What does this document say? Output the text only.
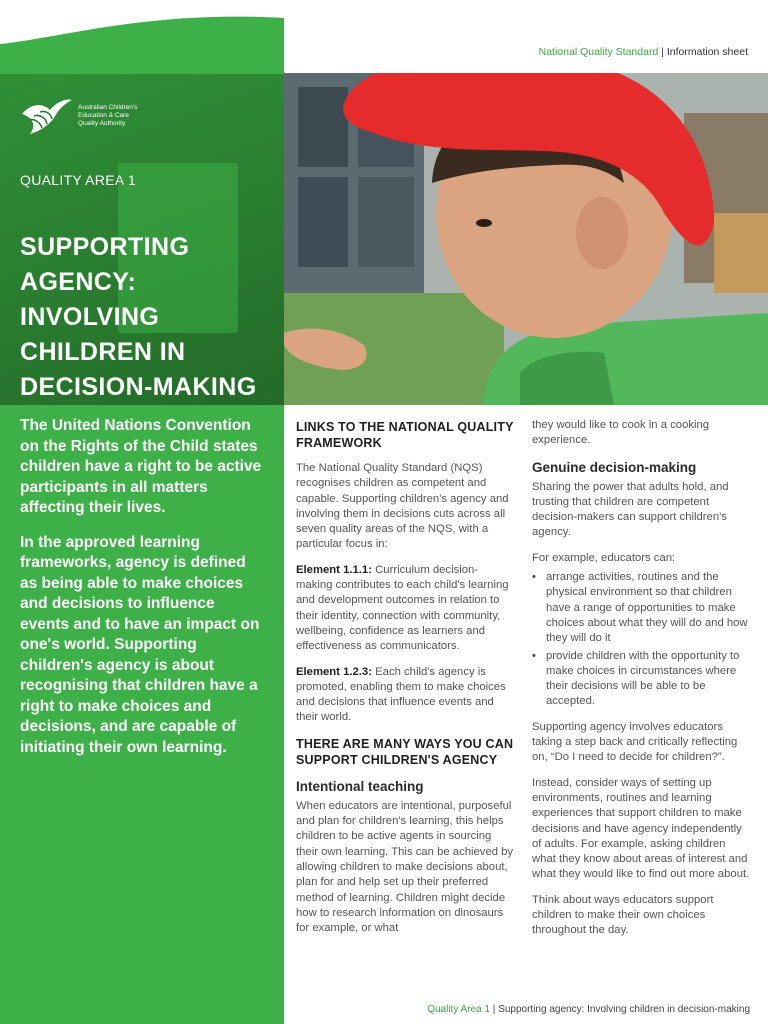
Australian Children's
Education & Care
Quality Authority
QUALITY AREA 1
SUPPORTING
AGENCY:
INVOLVING
CHILDREN IN
DECISION-MAKING

The United Nations Convention on the Rights of the Child states children have a right to be active participants in all matters affecting their lives.

In the approved learning frameworks, agency is defined as being able to make choices and decisions to influence events and to have an impact on one's world. Supporting children's agency is about recognising that children have a right to make choices and decisions, and are capable of initiating their own learning.

National Quality Standard | Information sheet
LINKS TO THE NATIONAL QUALITY FRAMEWORK

The National Quality Standard (NQS) recognises children as competent and capable. Supporting children's agency and involving them in decisions cuts across all seven quality areas of the NQS, with a particular focus in:

Element 1.1.1: Curriculum decision-making contributes to each child's learning and development outcomes in relation to their identity, connection with community, wellbeing, confidence as learners and effectiveness as communicators.

Element 1.2.3: Each child's agency is promoted, enabling them to make choices and decisions that influence events and their world.

THERE ARE MANY WAYS YOU CAN SUPPORT CHILDREN'S AGENCY
Intentional teaching

When educators are intentional, purposeful and plan for children's learning, this helps children to be active agents in sourcing their own learning. This can be achieved by allowing children to make decisions about, plan for and help set up their preferred method of learning. Children might decide how to research information on dinosaurs for example, or what

they would like to cook in a cooking experience.

Genuine decision-making

Sharing the power that adults hold, and trusting that children are competent decision-makers can support children's agency.

For example, educators can:

• arrange activities, routines and the physical environment so that children have a range of opportunities to make choices about what they will do and how they will do it
• provide children with the opportunity to make choices in circumstances where their decisions will be able to be accepted.

Supporting agency involves educators taking a step back and critically reflecting on, “Do I need to decide for children?”.

Instead, consider ways of setting up environments, routines and learning experiences that support children to make decisions and have agency independently of adults. For example, asking children what they know about areas of interest and what they would like to find out more about.

Think about ways educators support children to make their own choices throughout the day.

Quality Area 1 | Supporting agency: Involving children in decision-making
